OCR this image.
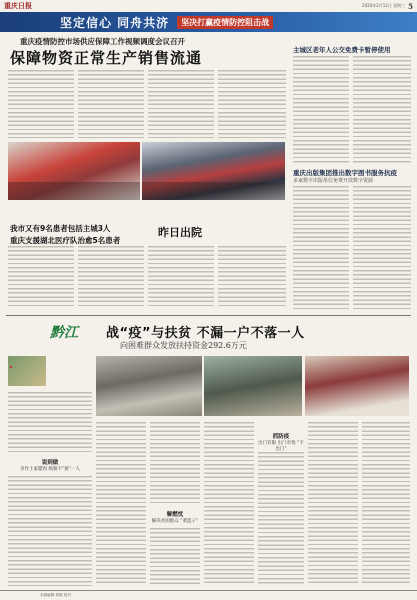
重庆日报	2020年2月12日 星期三 5
坚定信心 同舟共济	坚决打赢疫情防控阻击战
重庆疫情防控市场供应保障工作视频调度会议召开
保障物资正常生产销售流通	主城区老年人公交免费卡暂停使用
重庆出版集团推出数字图书服务抗疫
多家数字出版单位免费开放数字资源
我市又有9名患者包括主城3人
重庆支援湖北医疗队治愈5名患者
昨日出院
黔江 战“疫”与扶贫 不漏一户不落一人
向困难群众发放扶持资金292.6万元
说到做
亲作土家腊肉 频频不“接”一人
解燃忧
解决贫困群众 “菜篮子”
抓防疫
出门有限 出门有忧 “不出门”
本版编辑 排版 校对
